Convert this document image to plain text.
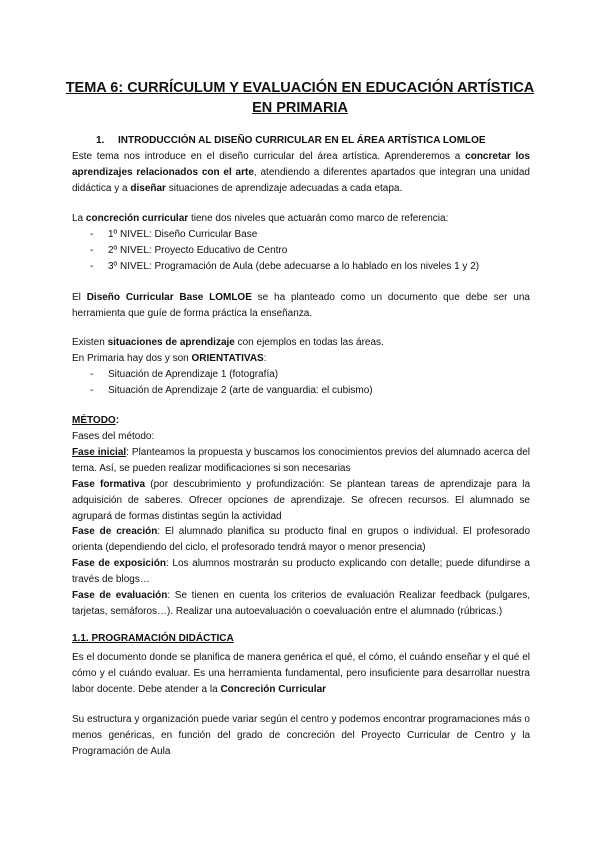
TEMA 6: CURRÍCULUM Y EVALUACIÓN EN EDUCACIÓN ARTÍSTICA
EN PRIMARIA
1. INTRODUCCIÓN AL DISEÑO CURRICULAR EN EL ÁREA ARTÍSTICA LOMLOE
Este tema nos introduce en el diseño curricular del área artística. Aprenderemos a concretar los aprendizajes relacionados con el arte, atendiendo a diferentes apartados que integran una unidad didáctica y a diseñar situaciones de aprendizaje adecuadas a cada etapa.
La concreción curricular tiene dos niveles que actuarán como marco de referencia:
- 1º NIVEL: Diseño Curricular Base
- 2º NIVEL: Proyecto Educativo de Centro
- 3º NIVEL: Programación de Aula (debe adecuarse a lo hablado en los niveles 1 y 2)
El Diseño Curricular Base LOMLOE se ha planteado como un documento que debe ser una herramienta que guíe de forma práctica la enseñanza.
Existen situaciones de aprendizaje con ejemplos en todas las áreas.
En Primaria hay dos y son ORIENTATIVAS:
- Situación de Aprendizaje 1 (fotografía)
- Situación de Aprendizaje 2 (arte de vanguardia: el cubismo)
MÉTODO:
Fases del método:
Fase inicial: Planteamos la propuesta y buscamos los conocimientos previos del alumnado acerca del tema. Así, se pueden realizar modificaciones si son necesarias
Fase formativa (por descubrimiento y profundización: Se plantean tareas de aprendizaje para la adquisición de saberes. Ofrecer opciones de aprendizaje. Se ofrecen recursos. El alumnado se agrupará de formas distintas según la actividad
Fase de creación: El alumnado planifica su producto final en grupos o individual. El profesorado orienta (dependiendo del ciclo, el profesorado tendrá mayor o menor presencia)
Fase de exposición: Los alumnos mostrarán su producto explicando con detalle; puede difundirse a través de blogs…
Fase de evaluación: Se tienen en cuenta los criterios de evaluación Realizar feedback (pulgares, tarjetas, semáforos…). Realizar una autoevaluación o coevaluación entre el alumnado (rúbricas.)
1.1. PROGRAMACIÓN DIDÁCTICA
Es el documento donde se planifica de manera genérica el qué, el cómo, el cuándo enseñar y el qué el cómo y el cuándo evaluar. Es una herramienta fundamental, pero insuficiente para desarrollar nuestra labor docente. Debe atender a la Concreción Curricular
Su estructura y organización puede variar según el centro y podemos encontrar programaciones más o menos genéricas, en función del grado de concreción del Proyecto Curricular de Centro y la Programación de Aula
